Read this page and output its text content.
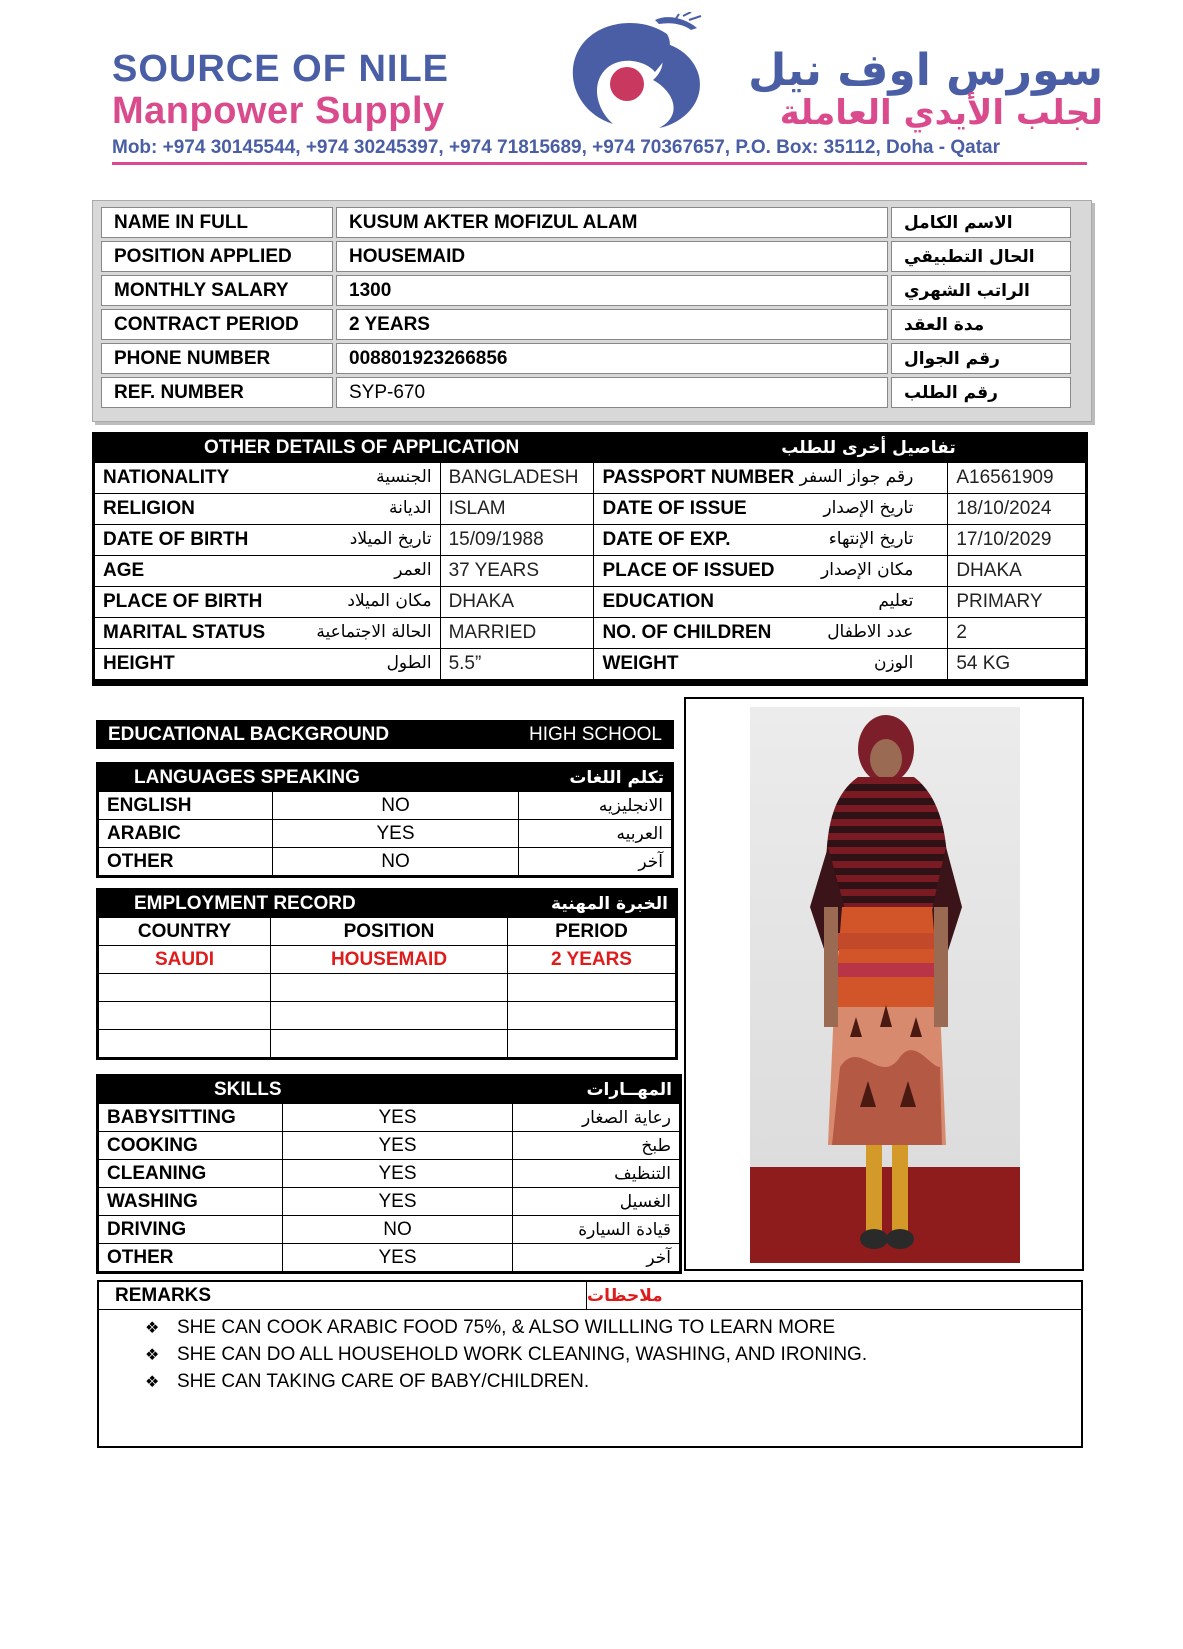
SOURCE OF NILE
Manpower Supply
سورس اوف نيل
لجلب الأيدي العاملة
Mob: +974 30145544, +974 30245397, +974 71815689, +974 70367657, P.O. Box: 35112, Doha - Qatar
NAME IN FULL	KUSUM AKTER MOFIZUL ALAM	الاسم الكامل
POSITION APPLIED	HOUSEMAID	الحال التطبيقي
MONTHLY SALARY	1300	الراتب الشهري
CONTRACT PERIOD	2 YEARS	مدة العقد
PHONE NUMBER	008801923266856	رقم الجوال
REF. NUMBER	SYP-670	رقم الطلب
OTHER DETAILS OF APPLICATION	تفاصيل أخرى للطلب
NATIONALITY الجنسية	BANGLADESH	PASSPORT NUMBER رقم جواز السفر	A16561909
RELIGION الديانة	ISLAM	DATE OF ISSUE تاريخ الإصدار	18/10/2024
DATE OF BIRTH تاريخ الميلاد	15/09/1988	DATE OF EXP. تاريخ الإنتهاء	17/10/2029
AGE العمر	37 YEARS	PLACE OF ISSUED مكان الإصدار	DHAKA
PLACE OF BIRTH مكان الميلاد	DHAKA	EDUCATION تعليم	PRIMARY
MARITAL STATUS الحالة الاجتماعية	MARRIED	NO. OF CHILDREN عدد الاطفال	2
HEIGHT الطول	5.5”	WEIGHT الوزن	54 KG
EDUCATIONAL BACKGROUND	HIGH SCHOOL
LANGUAGES SPEAKING	تكلم اللغات
ENGLISH	NO	الانجليزيه
ARABIC	YES	العربيه
OTHER	NO	آخر
EMPLOYMENT RECORD	الخبرة المهنية
COUNTRY	POSITION	PERIOD
SAUDI	HOUSEMAID	2 YEARS

SKILLS	المهــارات
BABYSITTING	YES	رعاية الصغار
COOKING	YES	طبخ
CLEANING	YES	التنظيف
WASHING	YES	الغسيل
DRIVING	NO	قيادة السيارة
OTHER	YES	آخر
REMARKS	ملاحظات
❖ SHE CAN COOK ARABIC FOOD 75%, & ALSO WILLLING TO LEARN MORE
❖ SHE CAN DO ALL HOUSEHOLD WORK CLEANING, WASHING, AND IRONING.
❖ SHE CAN TAKING CARE OF BABY/CHILDREN.
